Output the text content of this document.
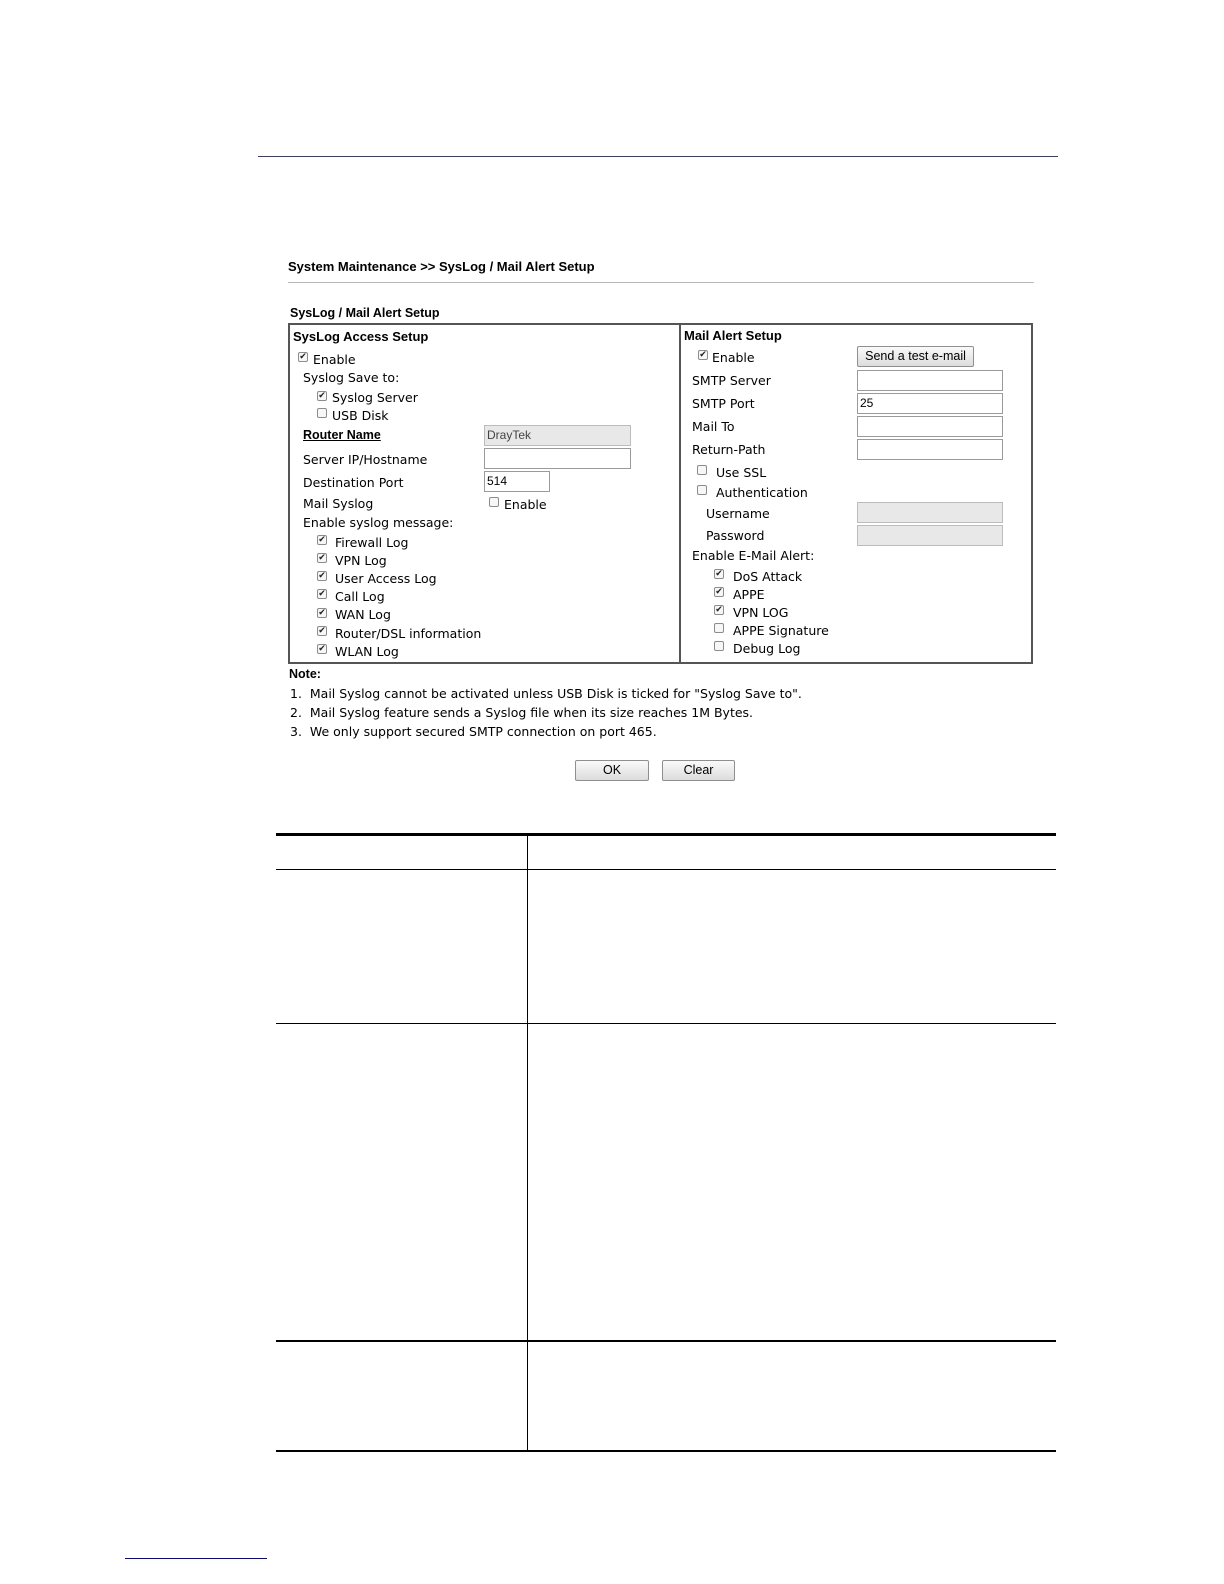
System Maintenance >> SysLog / Mail Alert Setup
SysLog / Mail Alert Setup
SysLog Access Setup
✔ Enable
Syslog Save to:
✔ Syslog Server
USB Disk
Router Name	DrayTek
Server IP/Hostname
Destination Port	514
Mail Syslog	Enable
Enable syslog message:
✔ Firewall Log
✔ VPN Log
✔ User Access Log
✔ Call Log
✔ WAN Log
✔ Router/DSL information
✔ WLAN Log
Mail Alert Setup
✔ Enable	Send a test e-mail
SMTP Server
SMTP Port	25
Mail To
Return-Path
Use SSL
Authentication
Username
Password
Enable E-Mail Alert:
✔ DoS Attack
✔ APPE
✔ VPN LOG
APPE Signature
Debug Log
Note:
1.  Mail Syslog cannot be activated unless USB Disk is ticked for "Syslog Save to".
2.  Mail Syslog feature sends a Syslog file when its size reaches 1M Bytes.
3.  We only support secured SMTP connection on port 465.
OK	Clear
